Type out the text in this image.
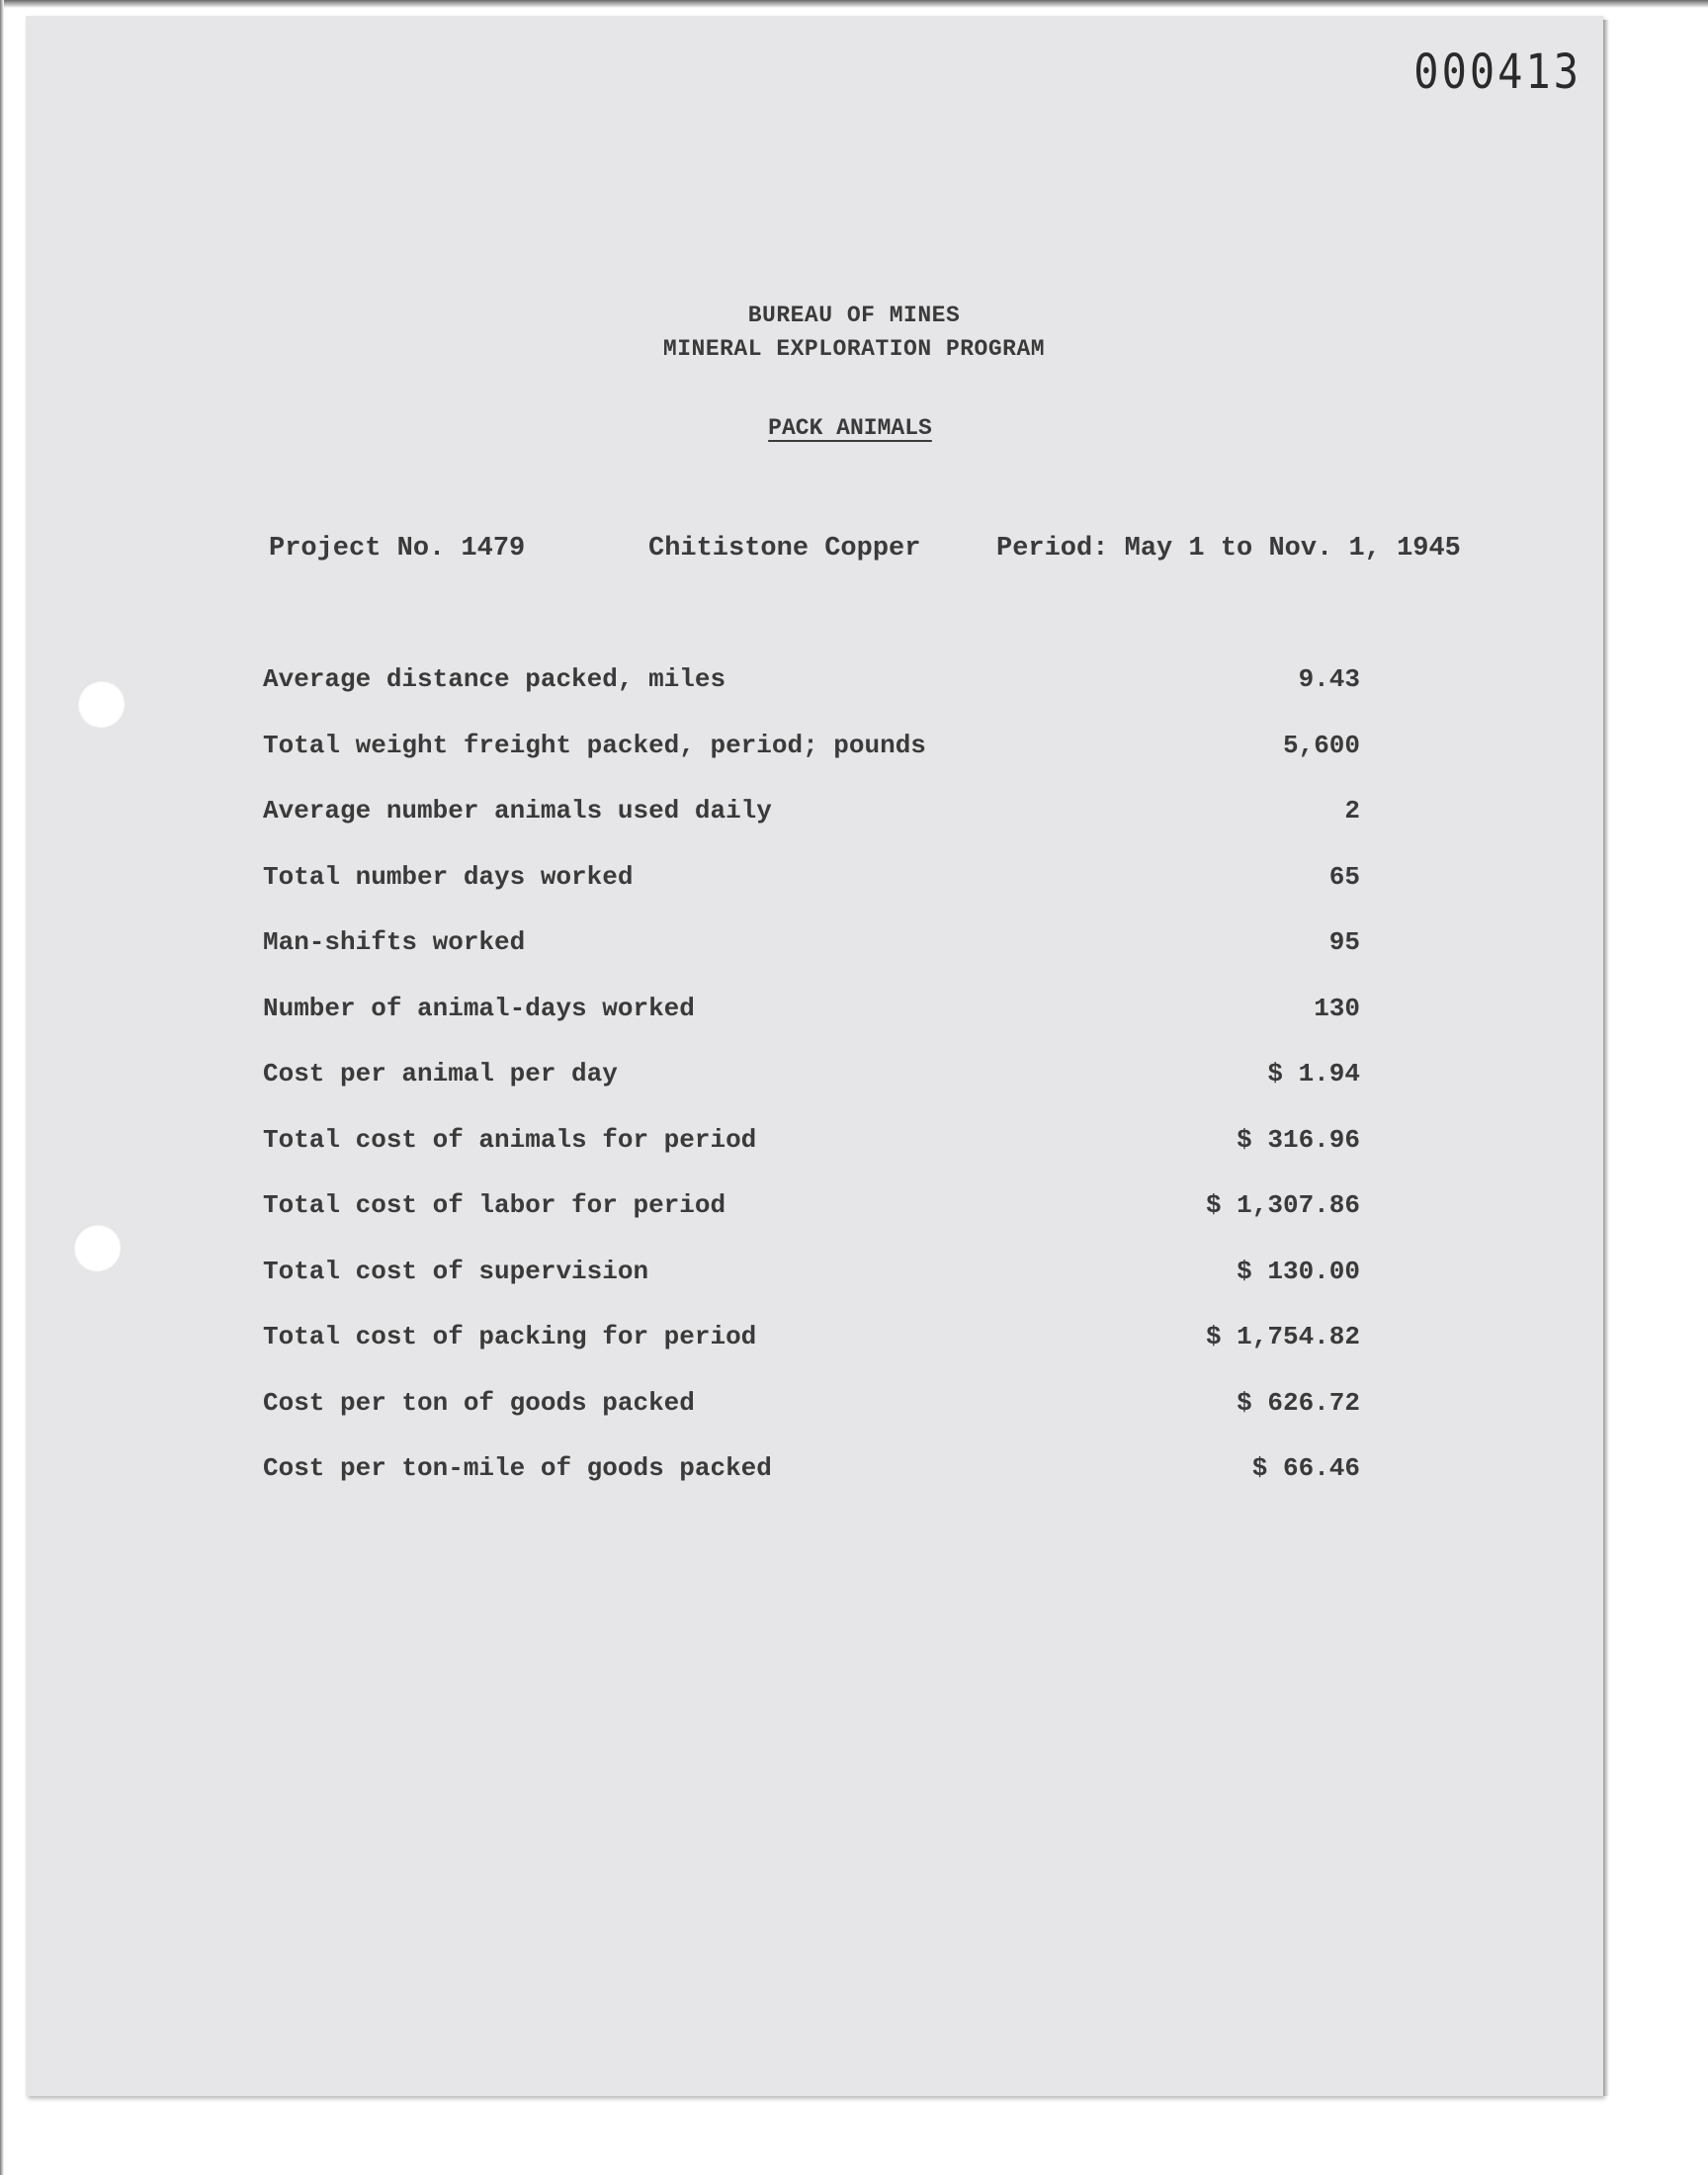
000413
BUREAU OF MINES
MINERAL EXPLORATION PROGRAM
PACK ANIMALS
Project No. 1479	Chitistone Copper	Period: May 1 to Nov. 1, 1945
Average distance packed, miles	9.43
Total weight freight packed, period; pounds	5,600
Average number animals used daily	2
Total number days worked	65
Man-shifts worked	95
Number of animal-days worked	130
Cost per animal per day	$ 1.94
Total cost of animals for period	$ 316.96
Total cost of labor for period	$ 1,307.86
Total cost of supervision	$ 130.00
Total cost of packing for period	$ 1,754.82
Cost per ton of goods packed	$ 626.72
Cost per ton-mile of goods packed	$ 66.46
